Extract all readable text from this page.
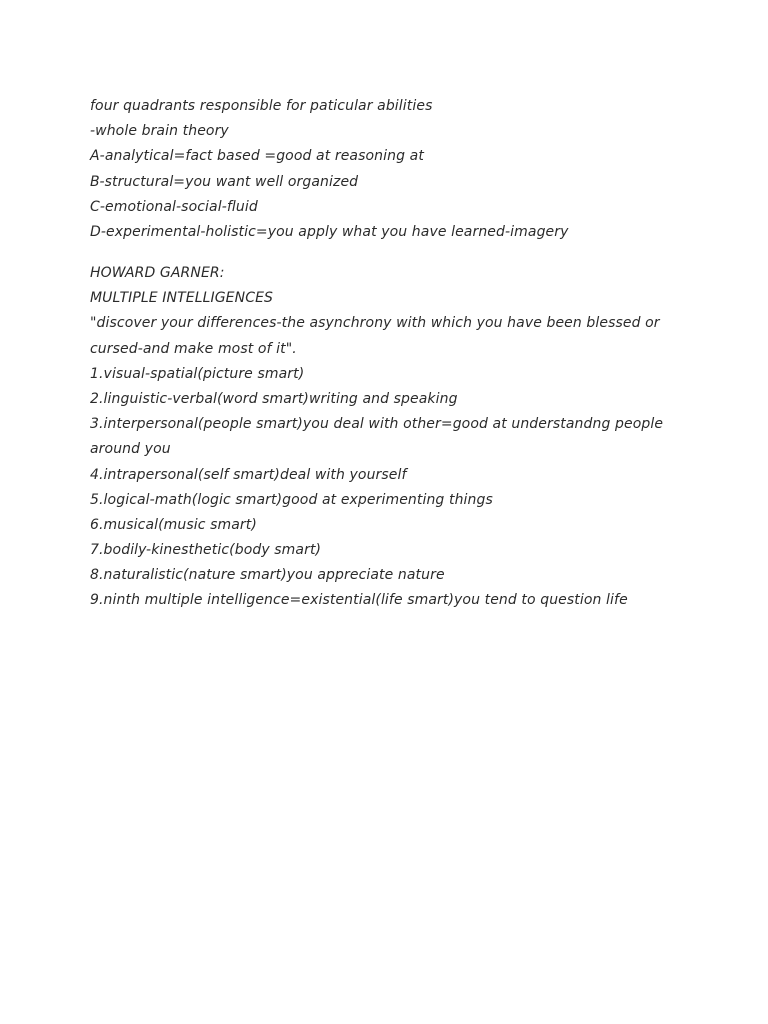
four quadrants responsible for paticular abilities
-whole brain theory
A-analytical=fact based =good at reasoning at
B-structural=you want well organized
C-emotional-social-fluid
D-experimental-holistic=you apply what you have learned-imagery
HOWARD GARNER:
MULTIPLE INTELLIGENCES
"discover your differences-the asynchrony with which you have been blessed or
cursed-and make most of it".
1.visual-spatial(picture smart)
2.linguistic-verbal(word smart)writing and speaking
3.interpersonal(people smart)you deal with other=good at understandng people
around you
4.intrapersonal(self smart)deal with yourself
5.logical-math(logic smart)good at experimenting things
6.musical(music smart)
7.bodily-kinesthetic(body smart)
8.naturalistic(nature smart)you appreciate nature
9.ninth multiple intelligence=existential(life smart)you tend to question life
